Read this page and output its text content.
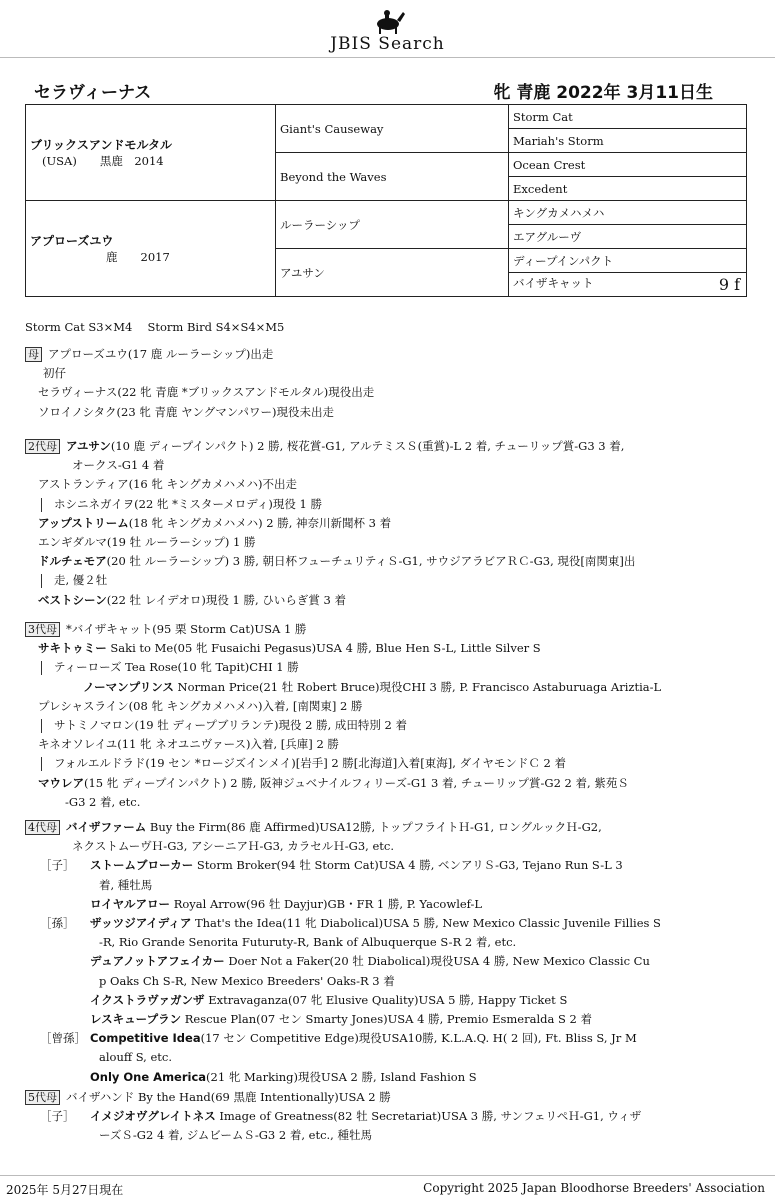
JBIS Search
セラヴィーナス	牝 青鹿 2022年 3月11日生
ブリックスアンドモルタル
(USA)　　黒鹿　2014	Giant's Causeway	Storm Cat
		Mariah's Storm
	Beyond the Waves	Ocean Crest
		Excedent

アプローズユウ
鹿　　2017	ルーラーシップ	キングカメハメハ
		エアグルーヴ
	アユサン	ディープインパクト
		バイザキャット 9 f
Storm Cat S3×M4　 Storm Bird S4×S4×M5
母 アプローズユウ(17 鹿 ルーラーシップ)出走
初仔
セラヴィーナス(22 牝 青鹿 *ブリックスアンドモルタル)現役出走
ソロイノシタク(23 牝 青鹿 ヤングマンパワー)現役未出走
2代母 アユサン(10 鹿 ディープインパクト) 2 勝, 桜花賞-G1, アルテミスＳ(重賞)-L 2 着, チューリップ賞-G3 3 着,
オークス-G1 4 着
アストランティア(16 牝 キングカメハメハ)不出走
ホシニネガイヲ(22 牝 *ミスターメロディ)現役 1 勝
アップストリーム(18 牝 キングカメハメハ) 2 勝, 神奈川新聞杯 3 着
エンギダルマ(19 牡 ルーラーシップ) 1 勝
ドルチェモア(20 牡 ルーラーシップ) 3 勝, 朝日杯フューチュリティＳ-G1, サウジアラビアＲＣ-G3, 現役[南関東]出
走, 優２牡
ベストシーン(22 牡 レイデオロ)現役 1 勝, ひいらぎ賞 3 着
3代母 *バイザキャット(95 栗 Storm Cat)USA 1 勝
サキトゥミー Saki to Me(05 牝 Fusaichi Pegasus)USA 4 勝, Blue Hen S-L, Little Silver S
ティーローズ Tea Rose(10 牝 Tapit)CHI 1 勝
ノーマンプリンス Norman Price(21 牡 Robert Bruce)現役CHI 3 勝, P. Francisco Astaburuaga Ariztia-L
プレシャスライン(08 牝 キングカメハメハ)入着, [南関東] 2 勝
サトミノマロン(19 牡 ディープブリランテ)現役 2 勝, 成田特別 2 着
キネオソレイユ(11 牝 ネオユニヴァース)入着, [兵庫] 2 勝
フォルエルドラド(19 セン *ロージズインメイ)[岩手] 2 勝[北海道]入着[東海], ダイヤモンドＣ 2 着
マウレア(15 牝 ディープインパクト) 2 勝, 阪神ジュベナイルフィリーズ-G1 3 着, チューリップ賞-G2 2 着, 紫苑Ｓ
-G3 2 着, etc.
4代母 バイザファーム Buy the Firm(86 鹿 Affirmed)USA12勝, トップフライトＨ-G1, ロングルックＨ-G2,
ネクストムーヴＨ-G3, アシーニアＨ-G3, カラセルＨ-G3, etc.
［子］ ストームブローカー Storm Broker(94 牡 Storm Cat)USA 4 勝, ベンアリＳ-G3, Tejano Run S-L 3
着, 種牡馬
ロイヤルアロー Royal Arrow(96 牡 Dayjur)GB・FR 1 勝, P. Yacowlef-L
［孫］ ザッツジアイディア That's the Idea(11 牝 Diabolical)USA 5 勝, New Mexico Classic Juvenile Fillies S
-R, Rio Grande Senorita Futuruty-R, Bank of Albuquerque S-R 2 着, etc.
デュアノットアフェイカー Doer Not a Faker(20 牡 Diabolical)現役USA 4 勝, New Mexico Classic Cu
p Oaks Ch S-R, New Mexico Breeders' Oaks-R 3 着
イクストラヴァガンザ Extravaganza(07 牝 Elusive Quality)USA 5 勝, Happy Ticket S
レスキュープラン Rescue Plan(07 セン Smarty Jones)USA 4 勝, Premio Esmeralda S 2 着
［曾孫］ Competitive Idea(17 セン Competitive Edge)現役USA10勝, K.L.A.Q. H( 2 回), Ft. Bliss S, Jr M
alouff S, etc.
Only One America(21 牝 Marking)現役USA 2 勝, Island Fashion S
5代母 バイザハンド By the Hand(69 黒鹿 Intentionally)USA 2 勝
［子］ イメジオヴグレイトネス Image of Greatness(82 牡 Secretariat)USA 3 勝, サンフェリペＨ-G1, ウィザ
ーズＳ-G2 4 着, ジムビームＳ-G3 2 着, etc., 種牡馬
2025年 5月27日現在	Copyright 2025 Japan Bloodhorse Breeders' Association
